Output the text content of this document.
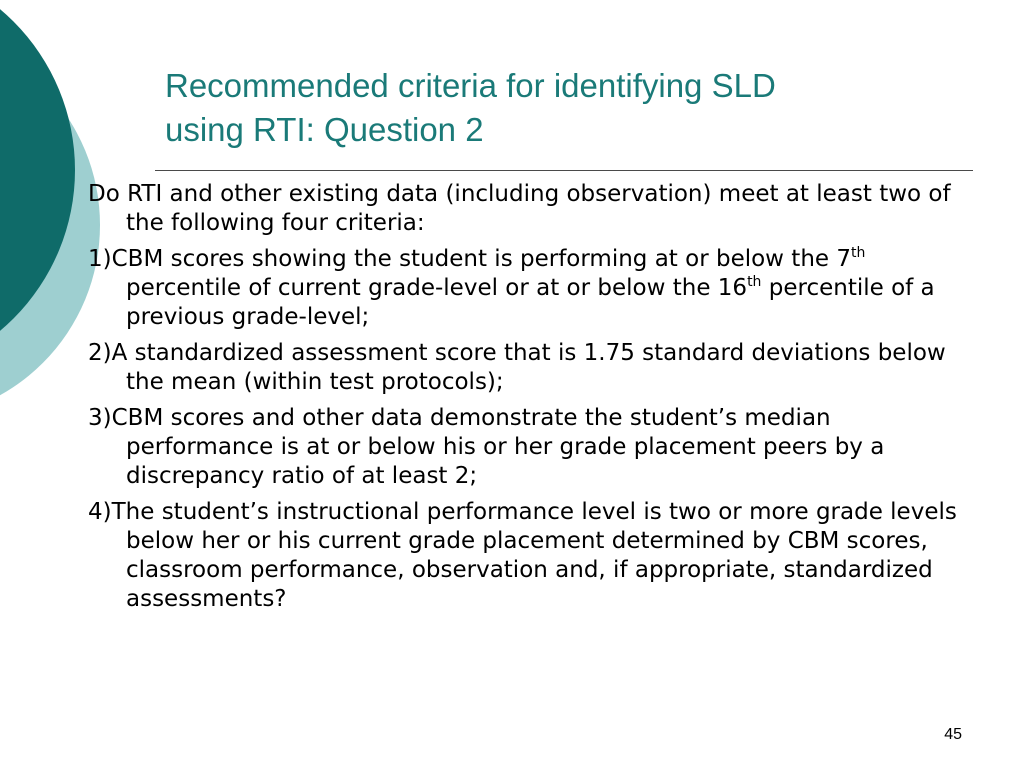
Recommended criteria for identifying SLD
using RTI: Question 2

Do RTI and other existing data (including observation) meet at least two of the following four criteria:

1)CBM scores showing the student is performing at or below the 7th percentile of current grade-level or at or below the 16th percentile of a previous grade-level;

2)A standardized assessment score that is 1.75 standard deviations below the mean (within test protocols);

3)CBM scores and other data demonstrate the student’s median performance is at or below his or her grade placement peers by a discrepancy ratio of at least 2;

4)The student’s instructional performance level is two or more grade levels below her or his current grade placement determined by CBM scores, classroom performance, observation and, if appropriate, standardized assessments?

45
